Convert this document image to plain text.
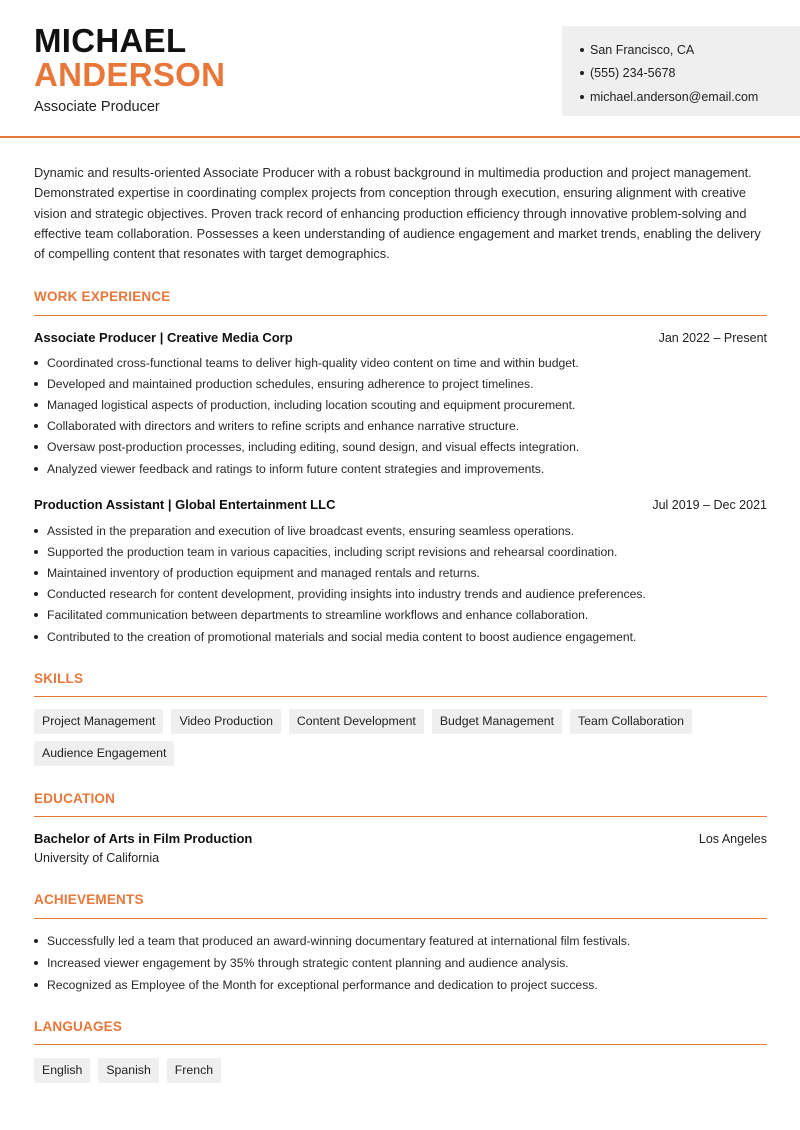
MICHAEL
ANDERSON
Associate Producer
San Francisco, CA
(555) 234-5678
michael.anderson@email.com

Dynamic and results-oriented Associate Producer with a robust background in multimedia production and project management. Demonstrated expertise in coordinating complex projects from conception through execution, ensuring alignment with creative vision and strategic objectives. Proven track record of enhancing production efficiency through innovative problem-solving and effective team collaboration. Possesses a keen understanding of audience engagement and market trends, enabling the delivery of compelling content that resonates with target demographics.

WORK EXPERIENCE
Associate Producer | Creative Media Corp	Jan 2022 – Present
Coordinated cross-functional teams to deliver high-quality video content on time and within budget.
Developed and maintained production schedules, ensuring adherence to project timelines.
Managed logistical aspects of production, including location scouting and equipment procurement.
Collaborated with directors and writers to refine scripts and enhance narrative structure.
Oversaw post-production processes, including editing, sound design, and visual effects integration.
Analyzed viewer feedback and ratings to inform future content strategies and improvements.
Production Assistant | Global Entertainment LLC	Jul 2019 – Dec 2021
Assisted in the preparation and execution of live broadcast events, ensuring seamless operations.
Supported the production team in various capacities, including script revisions and rehearsal coordination.
Maintained inventory of production equipment and managed rentals and returns.
Conducted research for content development, providing insights into industry trends and audience preferences.
Facilitated communication between departments to streamline workflows and enhance collaboration.
Contributed to the creation of promotional materials and social media content to boost audience engagement.
SKILLS
Project Management	Video Production	Content Development	Budget Management	Team Collaboration
Audience Engagement
EDUCATION
Bachelor of Arts in Film Production	Los Angeles
University of California
ACHIEVEMENTS
Successfully led a team that produced an award-winning documentary featured at international film festivals.
Increased viewer engagement by 35% through strategic content planning and audience analysis.
Recognized as Employee of the Month for exceptional performance and dedication to project success.
LANGUAGES
English	Spanish	French
